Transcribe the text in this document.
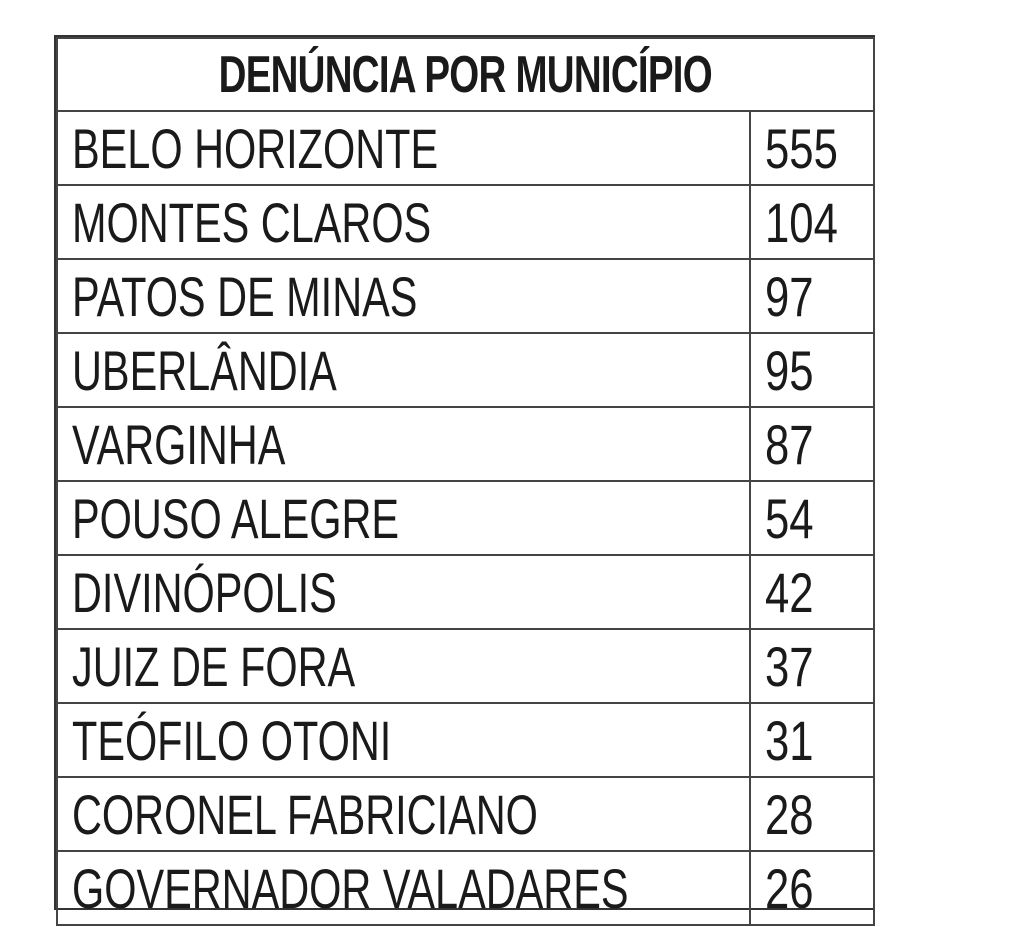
DENÚNCIA POR MUNICÍPIO	
BELO HORIZONTE	555
MONTES CLAROS	104
PATOS DE MINAS	97
UBERLÂNDIA	95
VARGINHA	87
POUSO ALEGRE	54
DIVINÓPOLIS	42
JUIZ DE FORA	37
TEÓFILO OTONI	31
CORONEL FABRICIANO	28
GOVERNADOR VALADARES	26
